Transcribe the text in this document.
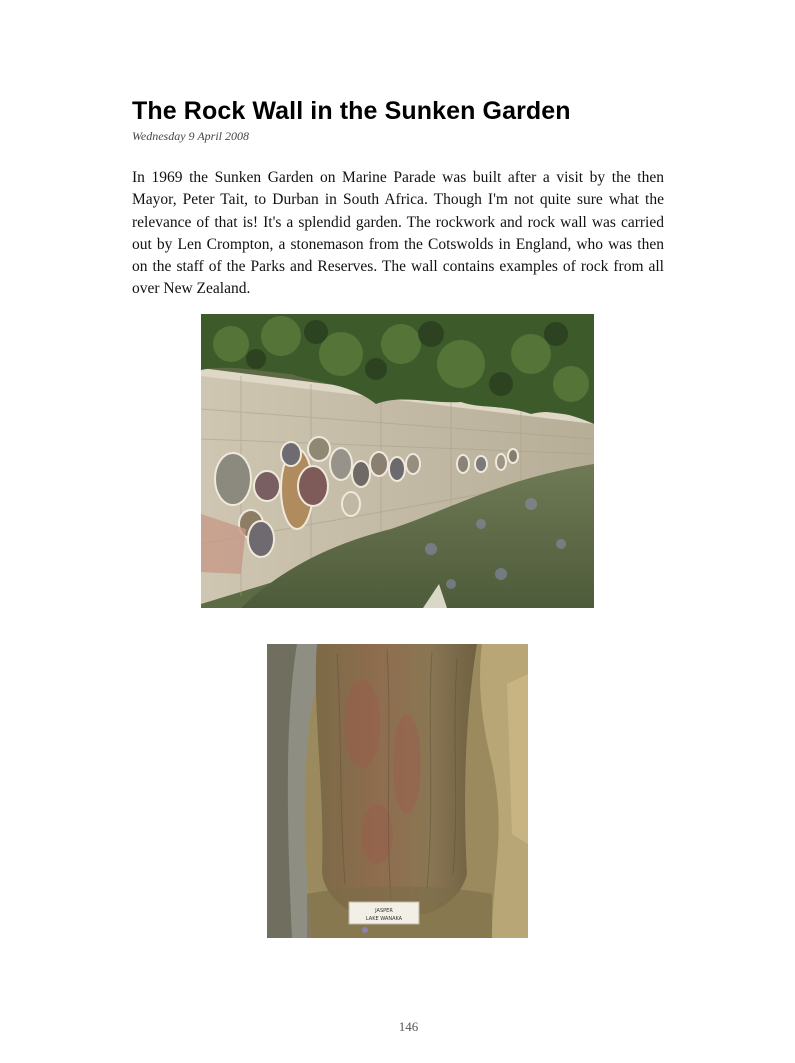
The Rock Wall in the Sunken Garden
Wednesday 9 April 2008

In 1969 the Sunken Garden on Marine Parade was built after a visit by the then Mayor, Peter Tait, to Durban in South Africa. Though I'm not quite sure what the relevance of that is! It's a splendid garden. The rockwork and rock wall was carried out by Len Crompton, a stonemason from the Cotswolds in England, who was then on the staff of the Parks and Reserves. The wall contains examples of rock from all over New Zealand.

JASPER
LAKE WANAKA
146
